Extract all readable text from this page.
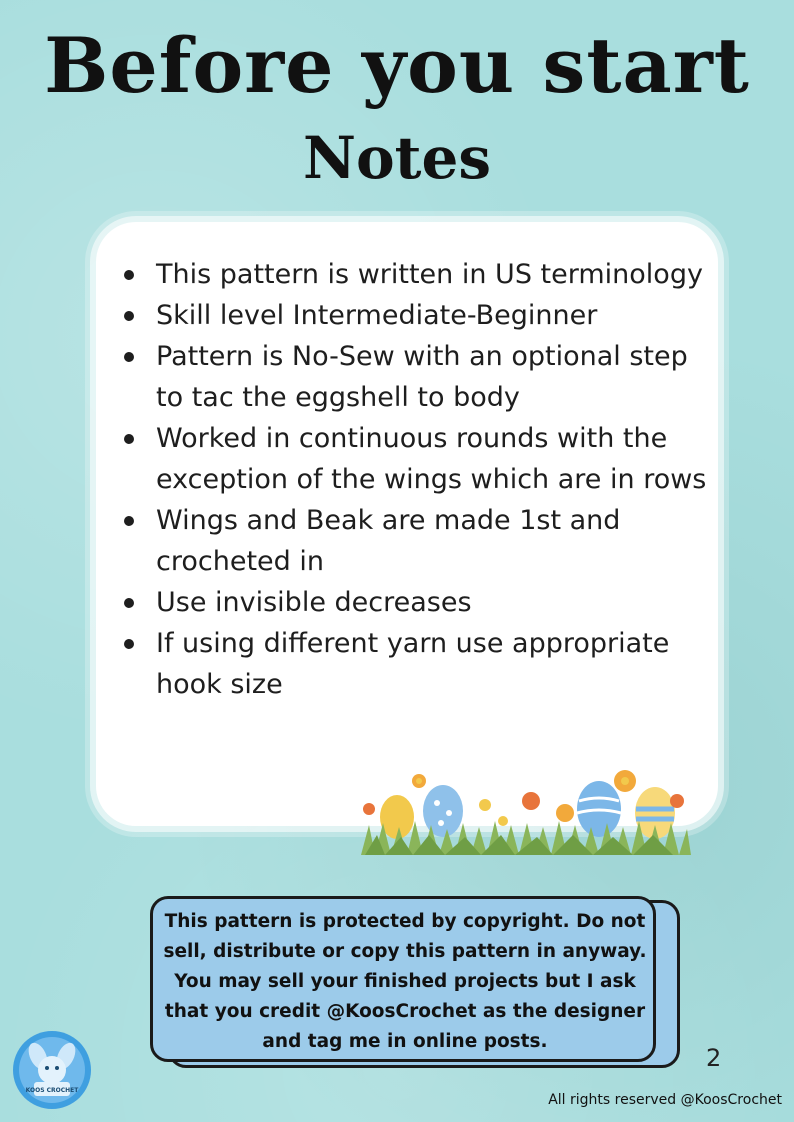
Before you start
Notes
This pattern is written in US terminology
Skill level Intermediate-Beginner
Pattern is No-Sew with an optional step to tac the eggshell to body
Worked in continuous rounds with the exception of the wings which are in rows
Wings and Beak are made 1st and crocheted in
Use invisible decreases
If using different yarn use appropriate hook size

This pattern is protected by copyright. Do not sell, distribute or copy this pattern in anyway. You may sell your finished projects but I ask that you credit @KoosCrochet as the designer and tag me in online posts.

KOOS CROCHET
2
All rights reserved @KoosCrochet
